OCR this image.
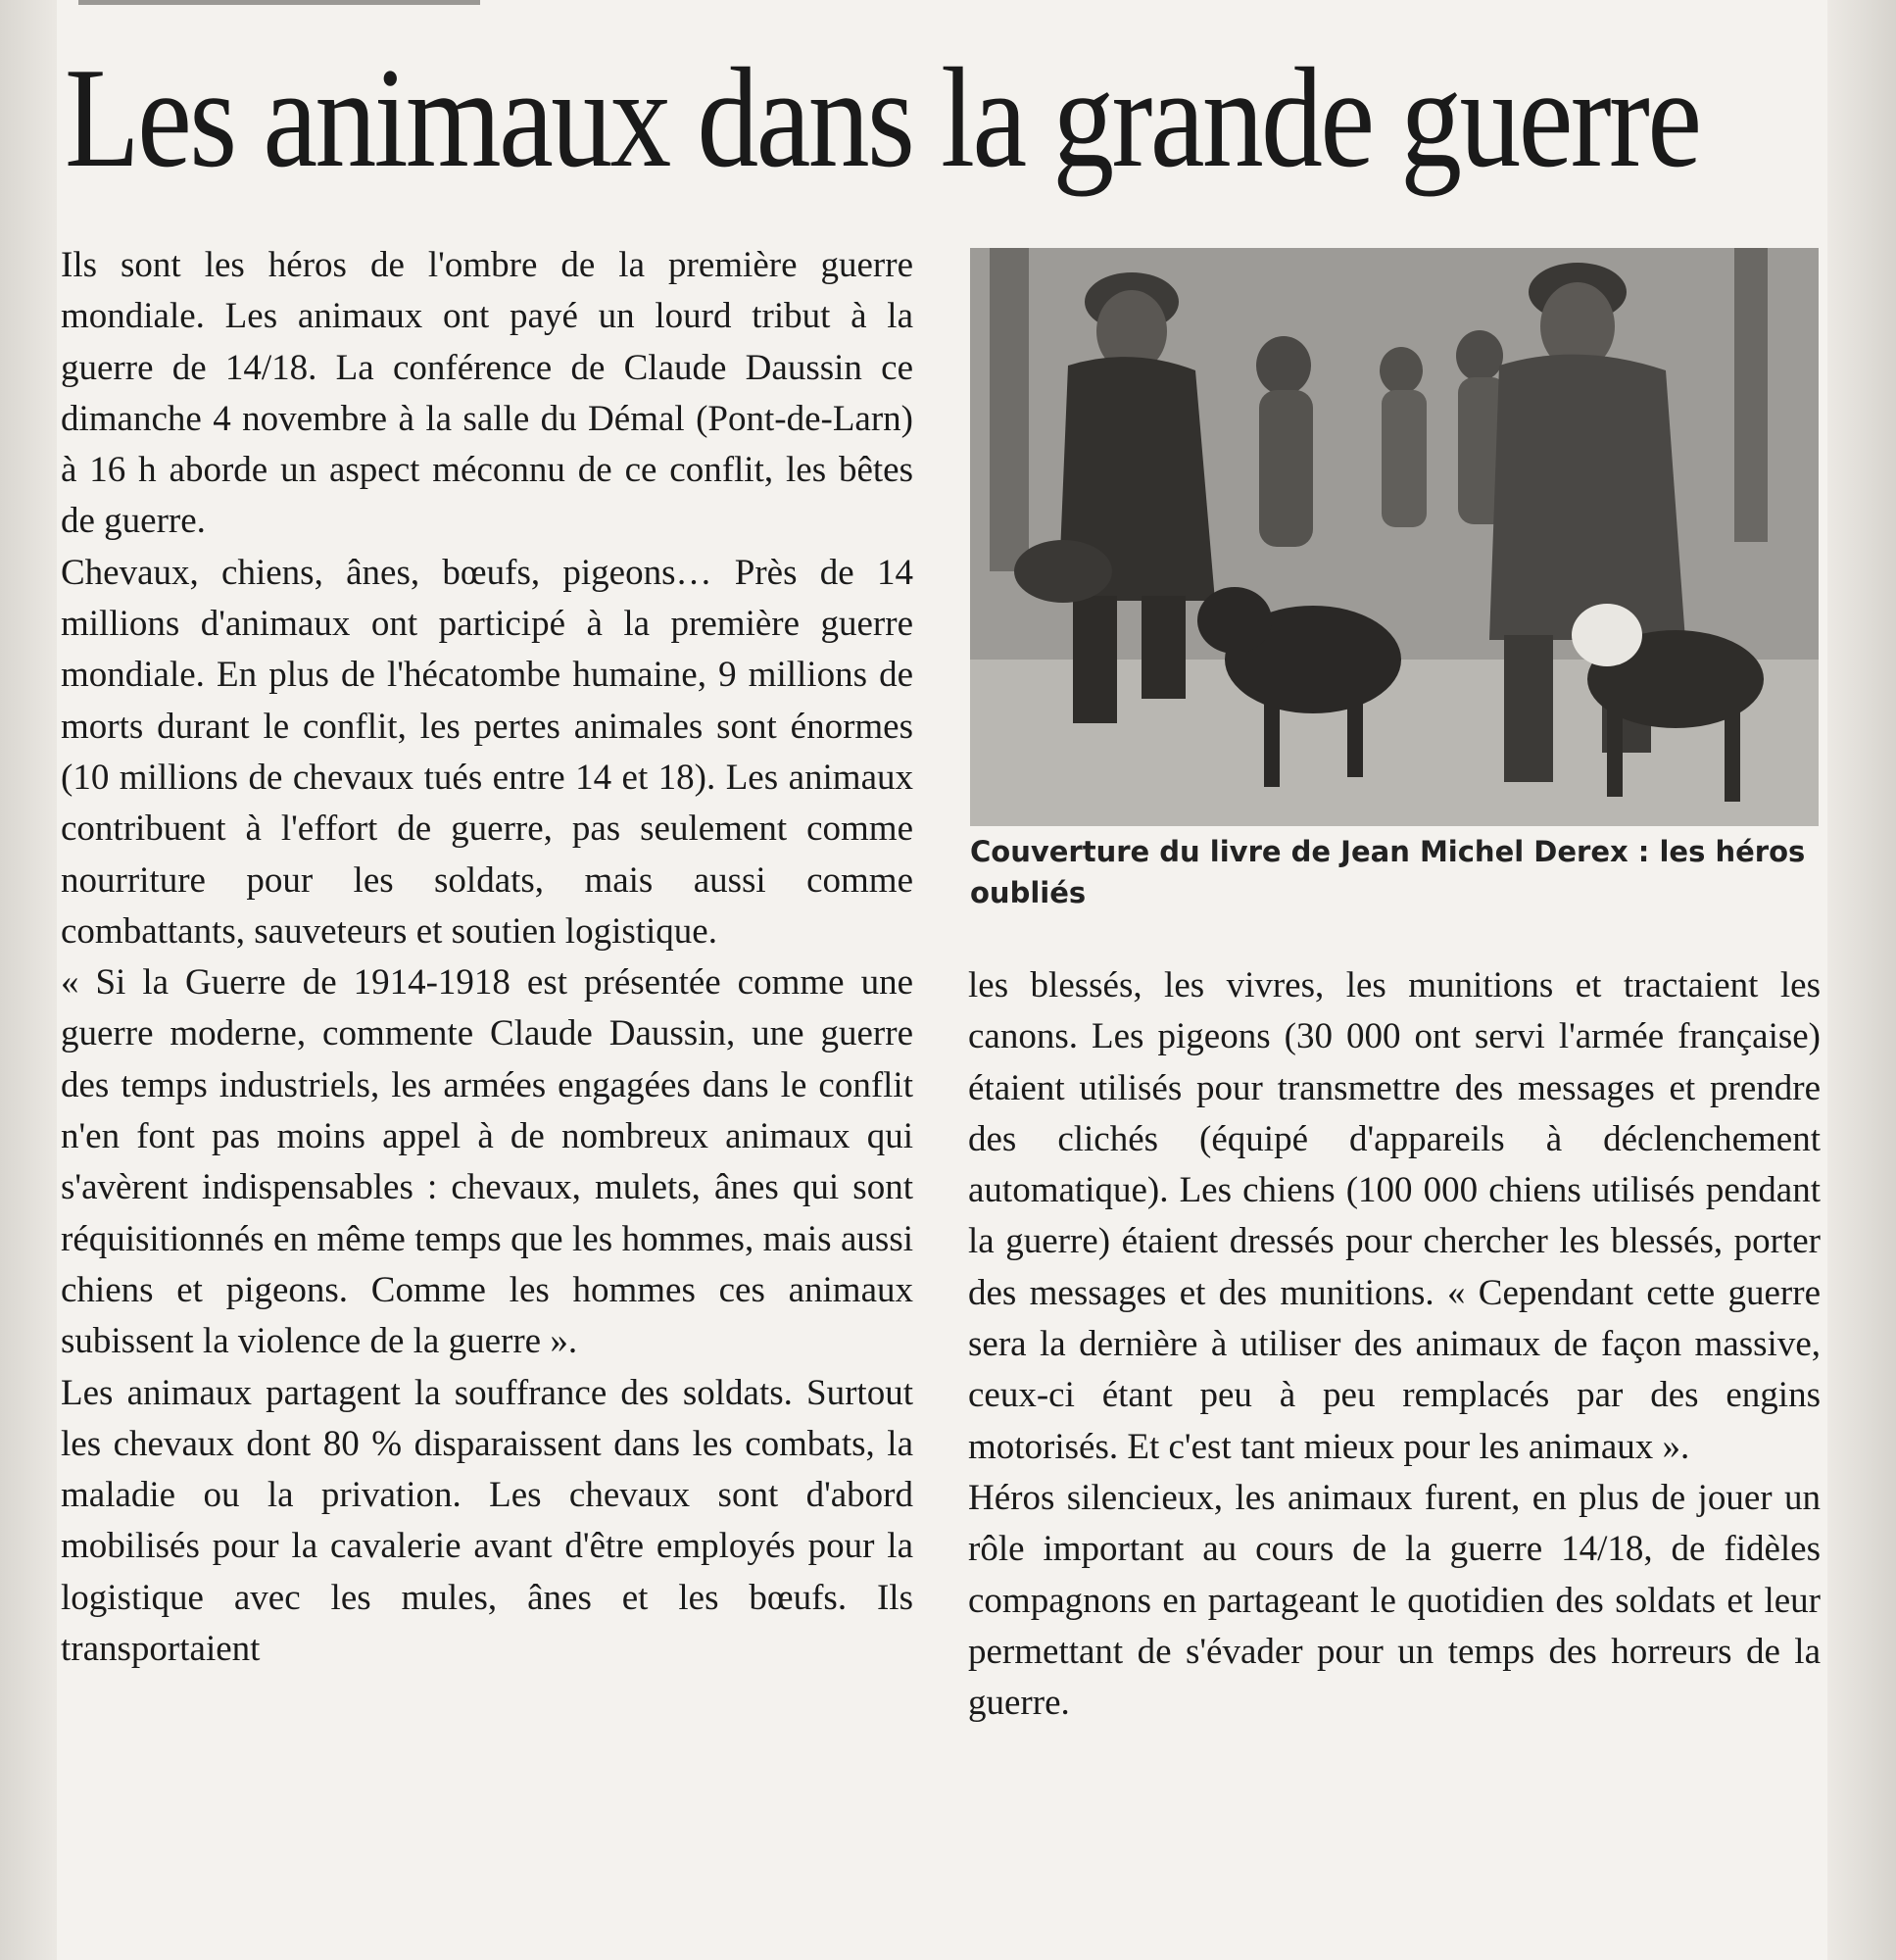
Les animaux dans la grande guerre

Ils sont les héros de l'ombre de la première guerre mondiale. Les animaux ont payé un lourd tribut à la guerre de 14/18. La conférence de Claude Daussin ce dimanche 4 novembre à la salle du Démal (Pont-de-Larn) à 16 h aborde un aspect méconnu de ce conflit, les bêtes de guerre.

Chevaux, chiens, ânes, bœufs, pigeons… Près de 14 millions d'animaux ont participé à la première guerre mondiale. En plus de l'hécatombe humaine, 9 millions de morts durant le conflit, les pertes animales sont énormes (10 millions de chevaux tués entre 14 et 18). Les animaux contribuent à l'effort de guerre, pas seulement comme nourriture pour les soldats, mais aussi comme combattants, sauveteurs et soutien logistique.

« Si la Guerre de 1914-1918 est présentée comme une guerre moderne, commente Claude Daussin, une guerre des temps industriels, les armées engagées dans le conflit n'en font pas moins appel à de nombreux animaux qui s'avèrent indispensables : chevaux, mulets, ânes qui sont réquisitionnés en même temps que les hommes, mais aussi chiens et pigeons. Comme les hommes ces animaux subissent la violence de la guerre ».

Les animaux partagent la souffrance des soldats. Surtout les chevaux dont 80 % disparaissent dans les combats, la maladie ou la privation. Les chevaux sont d'abord mobilisés pour la cavalerie avant d'être employés pour la logistique avec les mules, ânes et les bœufs. Ils transportaient

Couverture du livre de Jean Michel Derex : les héros oubliés

les blessés, les vivres, les munitions et tractaient les canons. Les pigeons (30 000 ont servi l'armée française) étaient utilisés pour transmettre des messages et prendre des clichés (équipé d'appareils à déclenchement automatique). Les chiens (100 000 chiens utilisés pendant la guerre) étaient dressés pour chercher les blessés, porter des messages et des munitions. « Cependant cette guerre sera la dernière à utiliser des animaux de façon massive, ceux-ci étant peu à peu remplacés par des engins motorisés. Et c'est tant mieux pour les animaux ».

Héros silencieux, les animaux furent, en plus de jouer un rôle important au cours de la guerre 14/18, de fidèles compagnons en partageant le quotidien des soldats et leur permettant de s'évader pour un temps des horreurs de la guerre.
